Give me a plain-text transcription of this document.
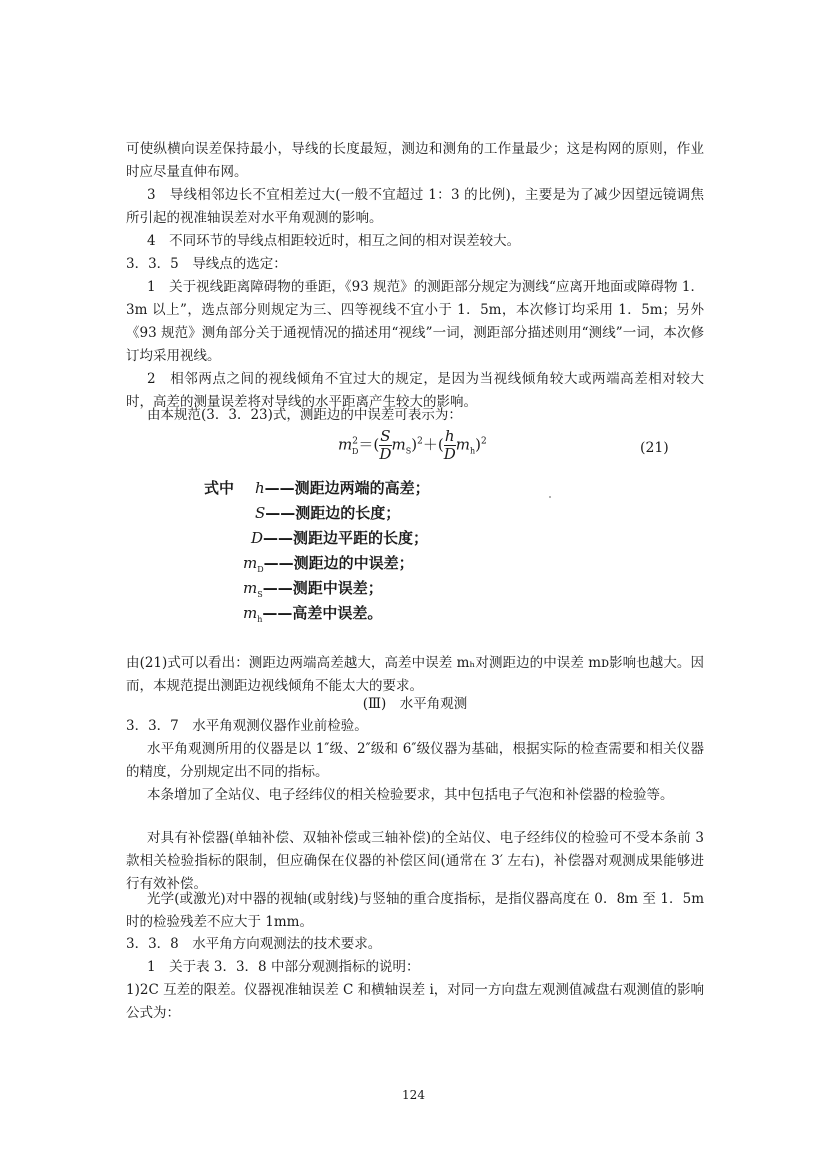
可使纵横向误差保持最小，导线的长度最短，测边和测角的工作量最少；这是构网的原则，作业时应尽量直伸布网。

3　导线相邻边长不宜相差过大(一般不宜超过 1：3 的比例)，主要是为了减少因望远镜调焦所引起的视准轴误差对水平角观测的影响。

4　不同环节的导线点相距较近时，相互之间的相对误差较大。

3．3．5　导线点的选定：

1　关于视线距离障碍物的垂距，《93 规范》的测距部分规定为测线“应离开地面或障碍物 1．3m 以上”，选点部分则规定为三、四等视线不宜小于 1．5m，本次修订均采用 1．5m；另外《93 规范》测角部分关于通视情况的描述用“视线”一词，测距部分描述则用“测线”一词，本次修订均采用视线。

2　相邻两点之间的视线倾角不宜过大的规定，是因为当视线倾角较大或两端高差相对较大时，高差的测量误差将对导线的水平距离产生较大的影响。

由本规范(3．3．23)式，测距边的中误差可表示为：

$m^2_D=( \frac{S}{D} m_S)^2+( \frac{h}{D} m_h)^2$	(21)
式中 h——测距边两端的高差；
S——测距边的长度；
D——测距边平距的长度；
$m_D——$测距边的中误差；
$m_S——$测距中误差；
$m_h——$高差中误差。

由(21)式可以看出：测距边两端高差越大，高差中误差 mₕ对测距边的中误差 mᴅ影响也越大。因而，本规范提出测距边视线倾角不能太大的要求。

(Ⅲ)　水平角观测

3．3．7　水平角观测仪器作业前检验。

水平角观测所用的仪器是以 1″级、2″级和 6″级仪器为基础，根据实际的检查需要和相关仪器的精度，分别规定出不同的指标。

本条增加了全站仪、电子经纬仪的相关检验要求，其中包括电子气泡和补偿器的检验等。

对具有补偿器(单轴补偿、双轴补偿或三轴补偿)的全站仪、电子经纬仪的检验可不受本条前 3 款相关检验指标的限制，但应确保在仪器的补偿区间(通常在 3′ 左右)，补偿器对观测成果能够进行有效补偿。

光学(或激光)对中器的视轴(或射线)与竖轴的重合度指标，是指仪器高度在 0．8m 至 1．5m 时的检验残差不应大于 1mm。

3．3．8　水平角方向观测法的技术要求。

1　关于表 3．3．8 中部分观测指标的说明：

1)2C 互差的限差。仪器视准轴误差 C 和横轴误差 i，对同一方向盘左观测值减盘右观测值的影响公式为：

124
